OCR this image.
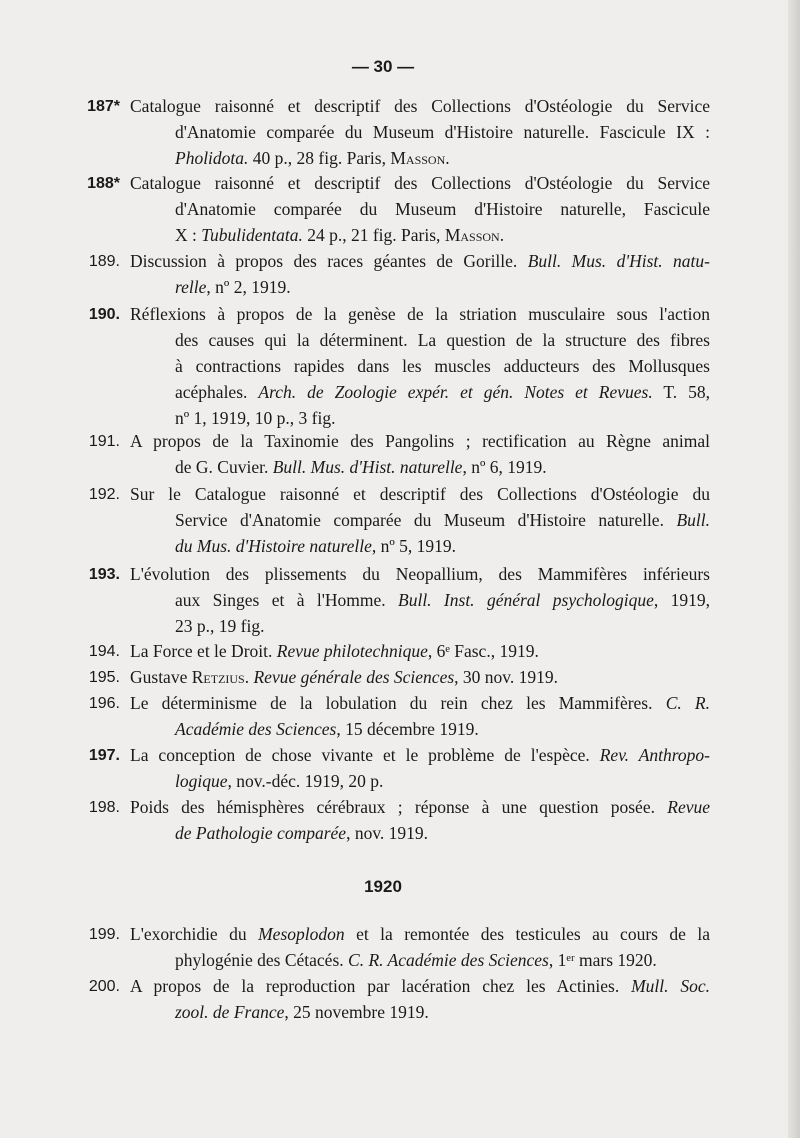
— 30 —
187* Catalogue raisonné et descriptif des Collections d'Ostéologie du Service
d'Anatomie comparée du Museum d'Histoire naturelle. Fascicule IX :
Pholidota. 40 p., 28 fig. Paris, Masson.
188* Catalogue raisonné et descriptif des Collections d'Ostéologie du Service
d'Anatomie comparée du Museum d'Histoire naturelle, Fascicule
X : Tubulidentata. 24 p., 21 fig. Paris, Masson.
189. Discussion à propos des races géantes de Gorille. Bull. Mus. d'Hist. natu-
relle, nº 2, 1919.
190. Réflexions à propos de la genèse de la striation musculaire sous l'action
des causes qui la déterminent. La question de la structure des fibres
à contractions rapides dans les muscles adducteurs des Mollusques
acéphales. Arch. de Zoologie expér. et gén. Notes et Revues. T. 58,
nº 1, 1919, 10 p., 3 fig.
191. A propos de la Taxinomie des Pangolins ; rectification au Règne animal
de G. Cuvier. Bull. Mus. d'Hist. naturelle, nº 6, 1919.
192. Sur le Catalogue raisonné et descriptif des Collections d'Ostéologie du
Service d'Anatomie comparée du Museum d'Histoire naturelle. Bull.
du Mus. d'Histoire naturelle, nº 5, 1919.
193. L'évolution des plissements du Neopallium, des Mammifères inférieurs
aux Singes et à l'Homme. Bull. Inst. général psychologique, 1919,
23 p., 19 fig.
194. La Force et le Droit. Revue philotechnique, 6ᵉ Fasc., 1919.
195. Gustave Retzius. Revue générale des Sciences, 30 nov. 1919.
196. Le déterminisme de la lobulation du rein chez les Mammifères. C. R.
Académie des Sciences, 15 décembre 1919.
197. La conception de chose vivante et le problème de l'espèce. Rev. Anthropo-
logique, nov.-déc. 1919, 20 p.
198. Poids des hémisphères cérébraux ; réponse à une question posée. Revue
de Pathologie comparée, nov. 1919.
199. L'exorchidie du Mesoplodon et la remontée des testicules au cours de la
phylogénie des Cétacés. C. R. Académie des Sciences, 1ᵉʳ mars 1920.
200. A propos de la reproduction par lacération chez les Actinies. Mull. Soc.
zool. de France, 25 novembre 1919.
1920
